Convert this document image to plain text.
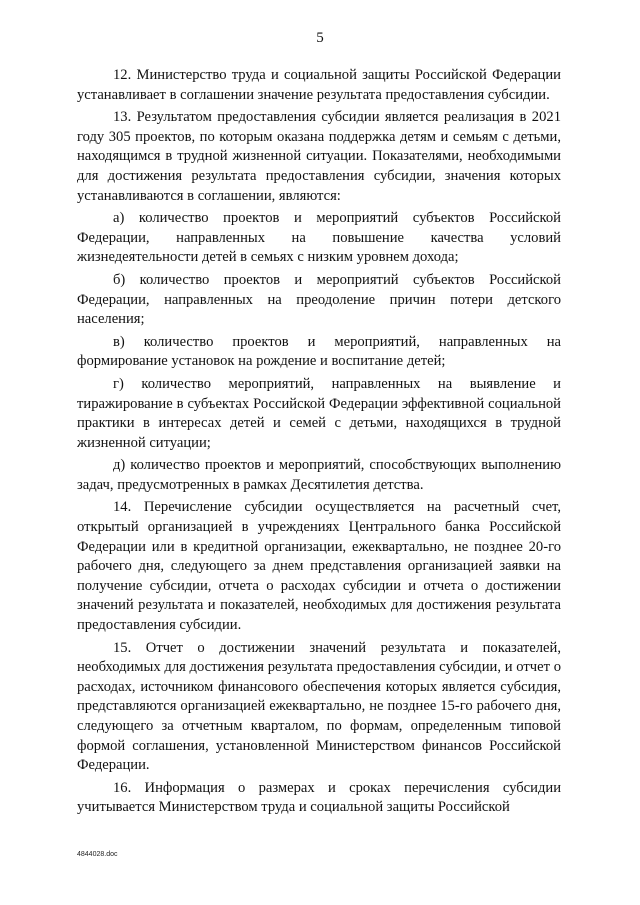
5

12. Министерство труда и социальной защиты Российской Федерации устанавливает в соглашении значение результата предоставления субсидии.

13. Результатом предоставления субсидии является реализация в 2021 году 305 проектов, по которым оказана поддержка детям и семьям с детьми, находящимся в трудной жизненной ситуации. Показателями, необходимыми для достижения результата предоставления субсидии, значения которых устанавливаются в соглашении, являются:

а) количество проектов и мероприятий субъектов Российской Федерации, направленных на повышение качества условий жизнедеятельности детей в семьях с низким уровнем дохода;

б) количество проектов и мероприятий субъектов Российской Федерации, направленных на преодоление причин потери детского населения;

в) количество проектов и мероприятий, направленных на формирование установок на рождение и воспитание детей;

г) количество мероприятий, направленных на выявление и тиражирование в субъектах Российской Федерации эффективной социальной практики в интересах детей и семей с детьми, находящихся в трудной жизненной ситуации;

д) количество проектов и мероприятий, способствующих выполнению задач, предусмотренных в рамках Десятилетия детства.

14. Перечисление субсидии осуществляется на расчетный счет, открытый организацией в учреждениях Центрального банка Российской Федерации или в кредитной организации, ежеквартально, не позднее 20-го рабочего дня, следующего за днем представления организацией заявки на получение субсидии, отчета о расходах субсидии и отчета о достижении значений результата и показателей, необходимых для достижения результата предоставления субсидии.

15. Отчет о достижении значений результата и показателей, необходимых для достижения результата предоставления субсидии, и отчет о расходах, источником финансового обеспечения которых является субсидия, представляются организацией ежеквартально, не позднее 15-го рабочего дня, следующего за отчетным кварталом, по формам, определенным типовой формой соглашения, установленной Министерством финансов Российской Федерации.

16. Информация о размерах и сроках перечисления субсидии учитывается Министерством труда и социальной защиты Российской

4844028.doc
